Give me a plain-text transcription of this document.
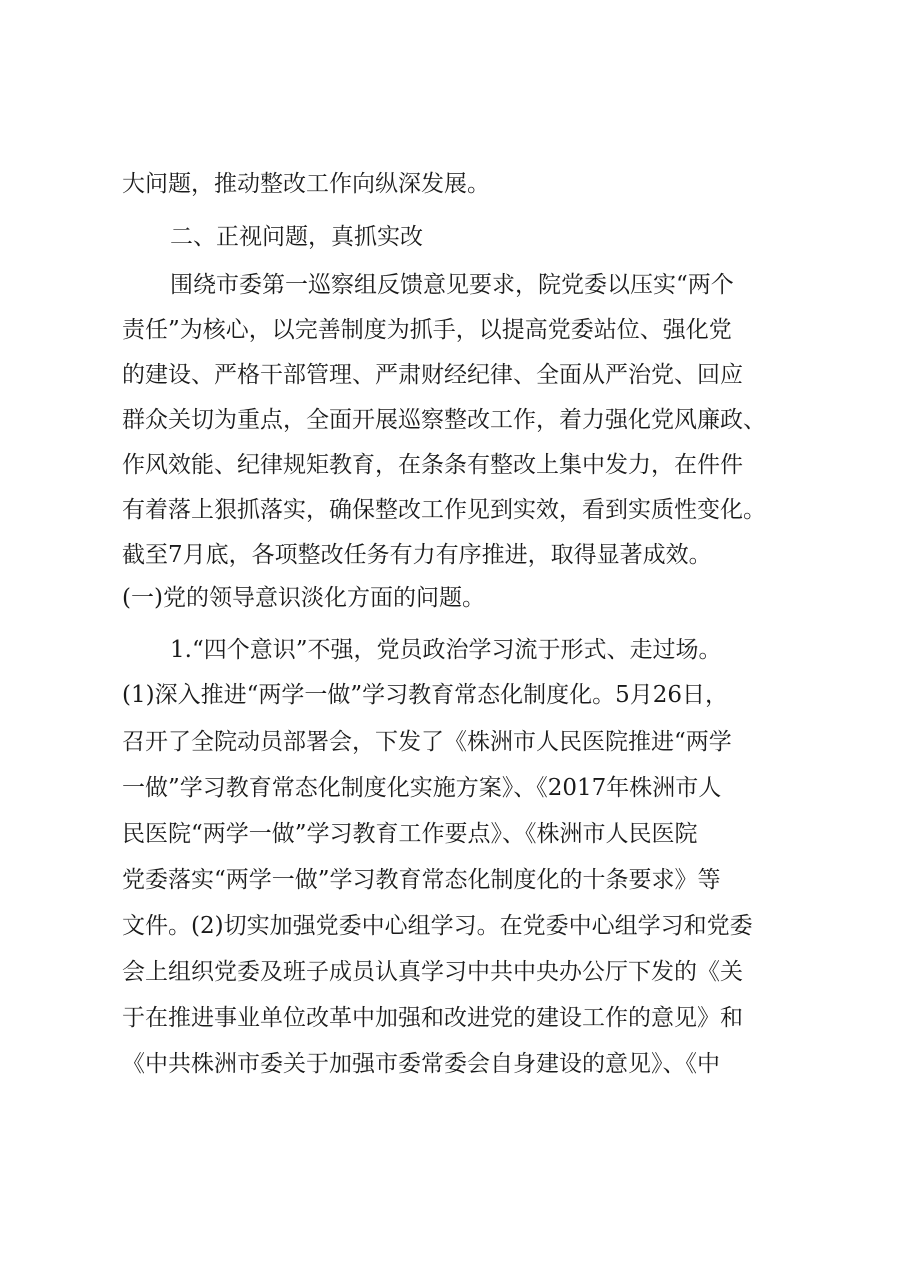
大问题，推动整改工作向纵深发展。
二、正视问题，真抓实改
围绕市委第一巡察组反馈意见要求，院党委以压实“两个
责任”为核心，以完善制度为抓手，以提高党委站位、强化党
的建设、严格干部管理、严肃财经纪律、全面从严治党、回应
群众关切为重点，全面开展巡察整改工作，着力强化党风廉政、
作风效能、纪律规矩教育，在条条有整改上集中发力，在件件
有着落上狠抓落实，确保整改工作见到实效，看到实质性变化。
截至7月底，各项整改任务有力有序推进，取得显著成效。
(一)党的领导意识淡化方面的问题。
1.“四个意识”不强，党员政治学习流于形式、走过场。
(1)深入推进“两学一做”学习教育常态化制度化。5月26日，
召开了全院动员部署会，下发了《株洲市人民医院推进“两学
一做”学习教育常态化制度化实施方案》、《2017年株洲市人
民医院“两学一做”学习教育工作要点》、《株洲市人民医院
党委落实“两学一做”学习教育常态化制度化的十条要求》等
文件。(2)切实加强党委中心组学习。在党委中心组学习和党委
会上组织党委及班子成员认真学习中共中央办公厅下发的《关
于在推进事业单位改革中加强和改进党的建设工作的意见》和
《中共株洲市委关于加强市委常委会自身建设的意见》、《中
